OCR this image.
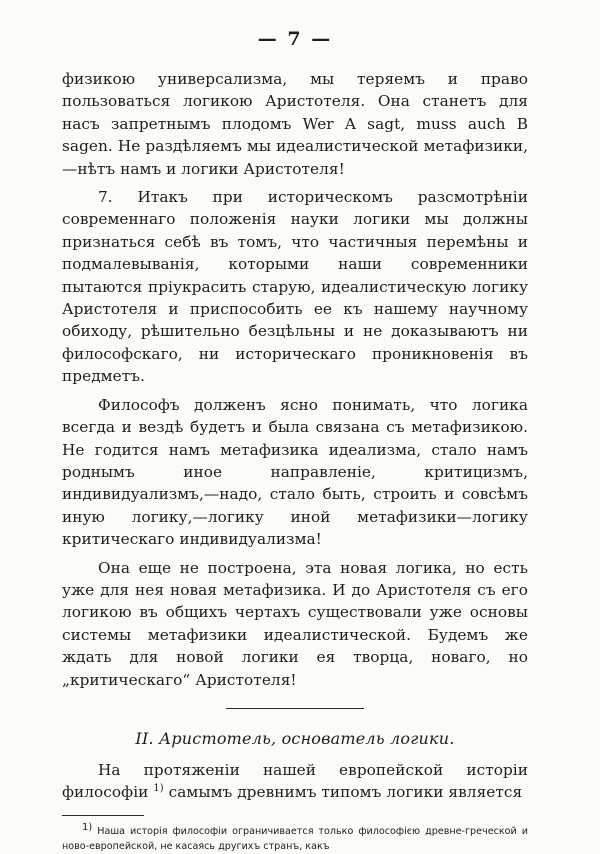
— 7 —

физикою универсализма, мы теряемъ и право пользоваться логикою Аристотеля. Она станетъ для насъ запретнымъ плодомъ Wer A sagt, muss auch B sagen. Не раздѣляемъ мы идеалистической метафизики,—нѣтъ намъ и логики Аристотеля!

7. Итакъ при историческомъ разсмотрѣніи современнаго положенія науки логики мы должны признаться себѣ въ томъ, что частичныя перемѣны и подмалевыванія, которыми наши современники пытаются пріукрасить старую, идеалистическую логику Аристотеля и приспособить ее къ нашему научному обиходу, рѣшительно безцѣльны и не доказываютъ ни философскаго, ни историческаго проникновенія въ предметъ.

Философъ долженъ ясно понимать, что логика всегда и вездѣ будетъ и была связана съ метафизикою. Не годится намъ метафизика идеализма, стало намъ роднымъ иное направленіе, критицизмъ, индивидуализмъ,—надо, стало быть, строить и совсѣмъ иную логику,—логику иной метафизики—логику критическаго индивидуализма!

Она еще не построена, эта новая логика, но есть уже для нея новая метафизика. И до Аристотеля съ его логикою въ общихъ чертахъ существовали уже основы системы метафизики идеалистической. Будемъ же ждать для новой логики ея творца, новаго, но „критическаго“ Аристотеля!

II. Аристотель, основатель логики.

На протяженіи нашей европейской исторіи философіи $^{1)}$ самымъ древнимъ типомъ логики является

1) Наша исторія философіи ограничивается только философією древне-греческой и ново-европейской, не касаясь другихъ странъ, какъ
